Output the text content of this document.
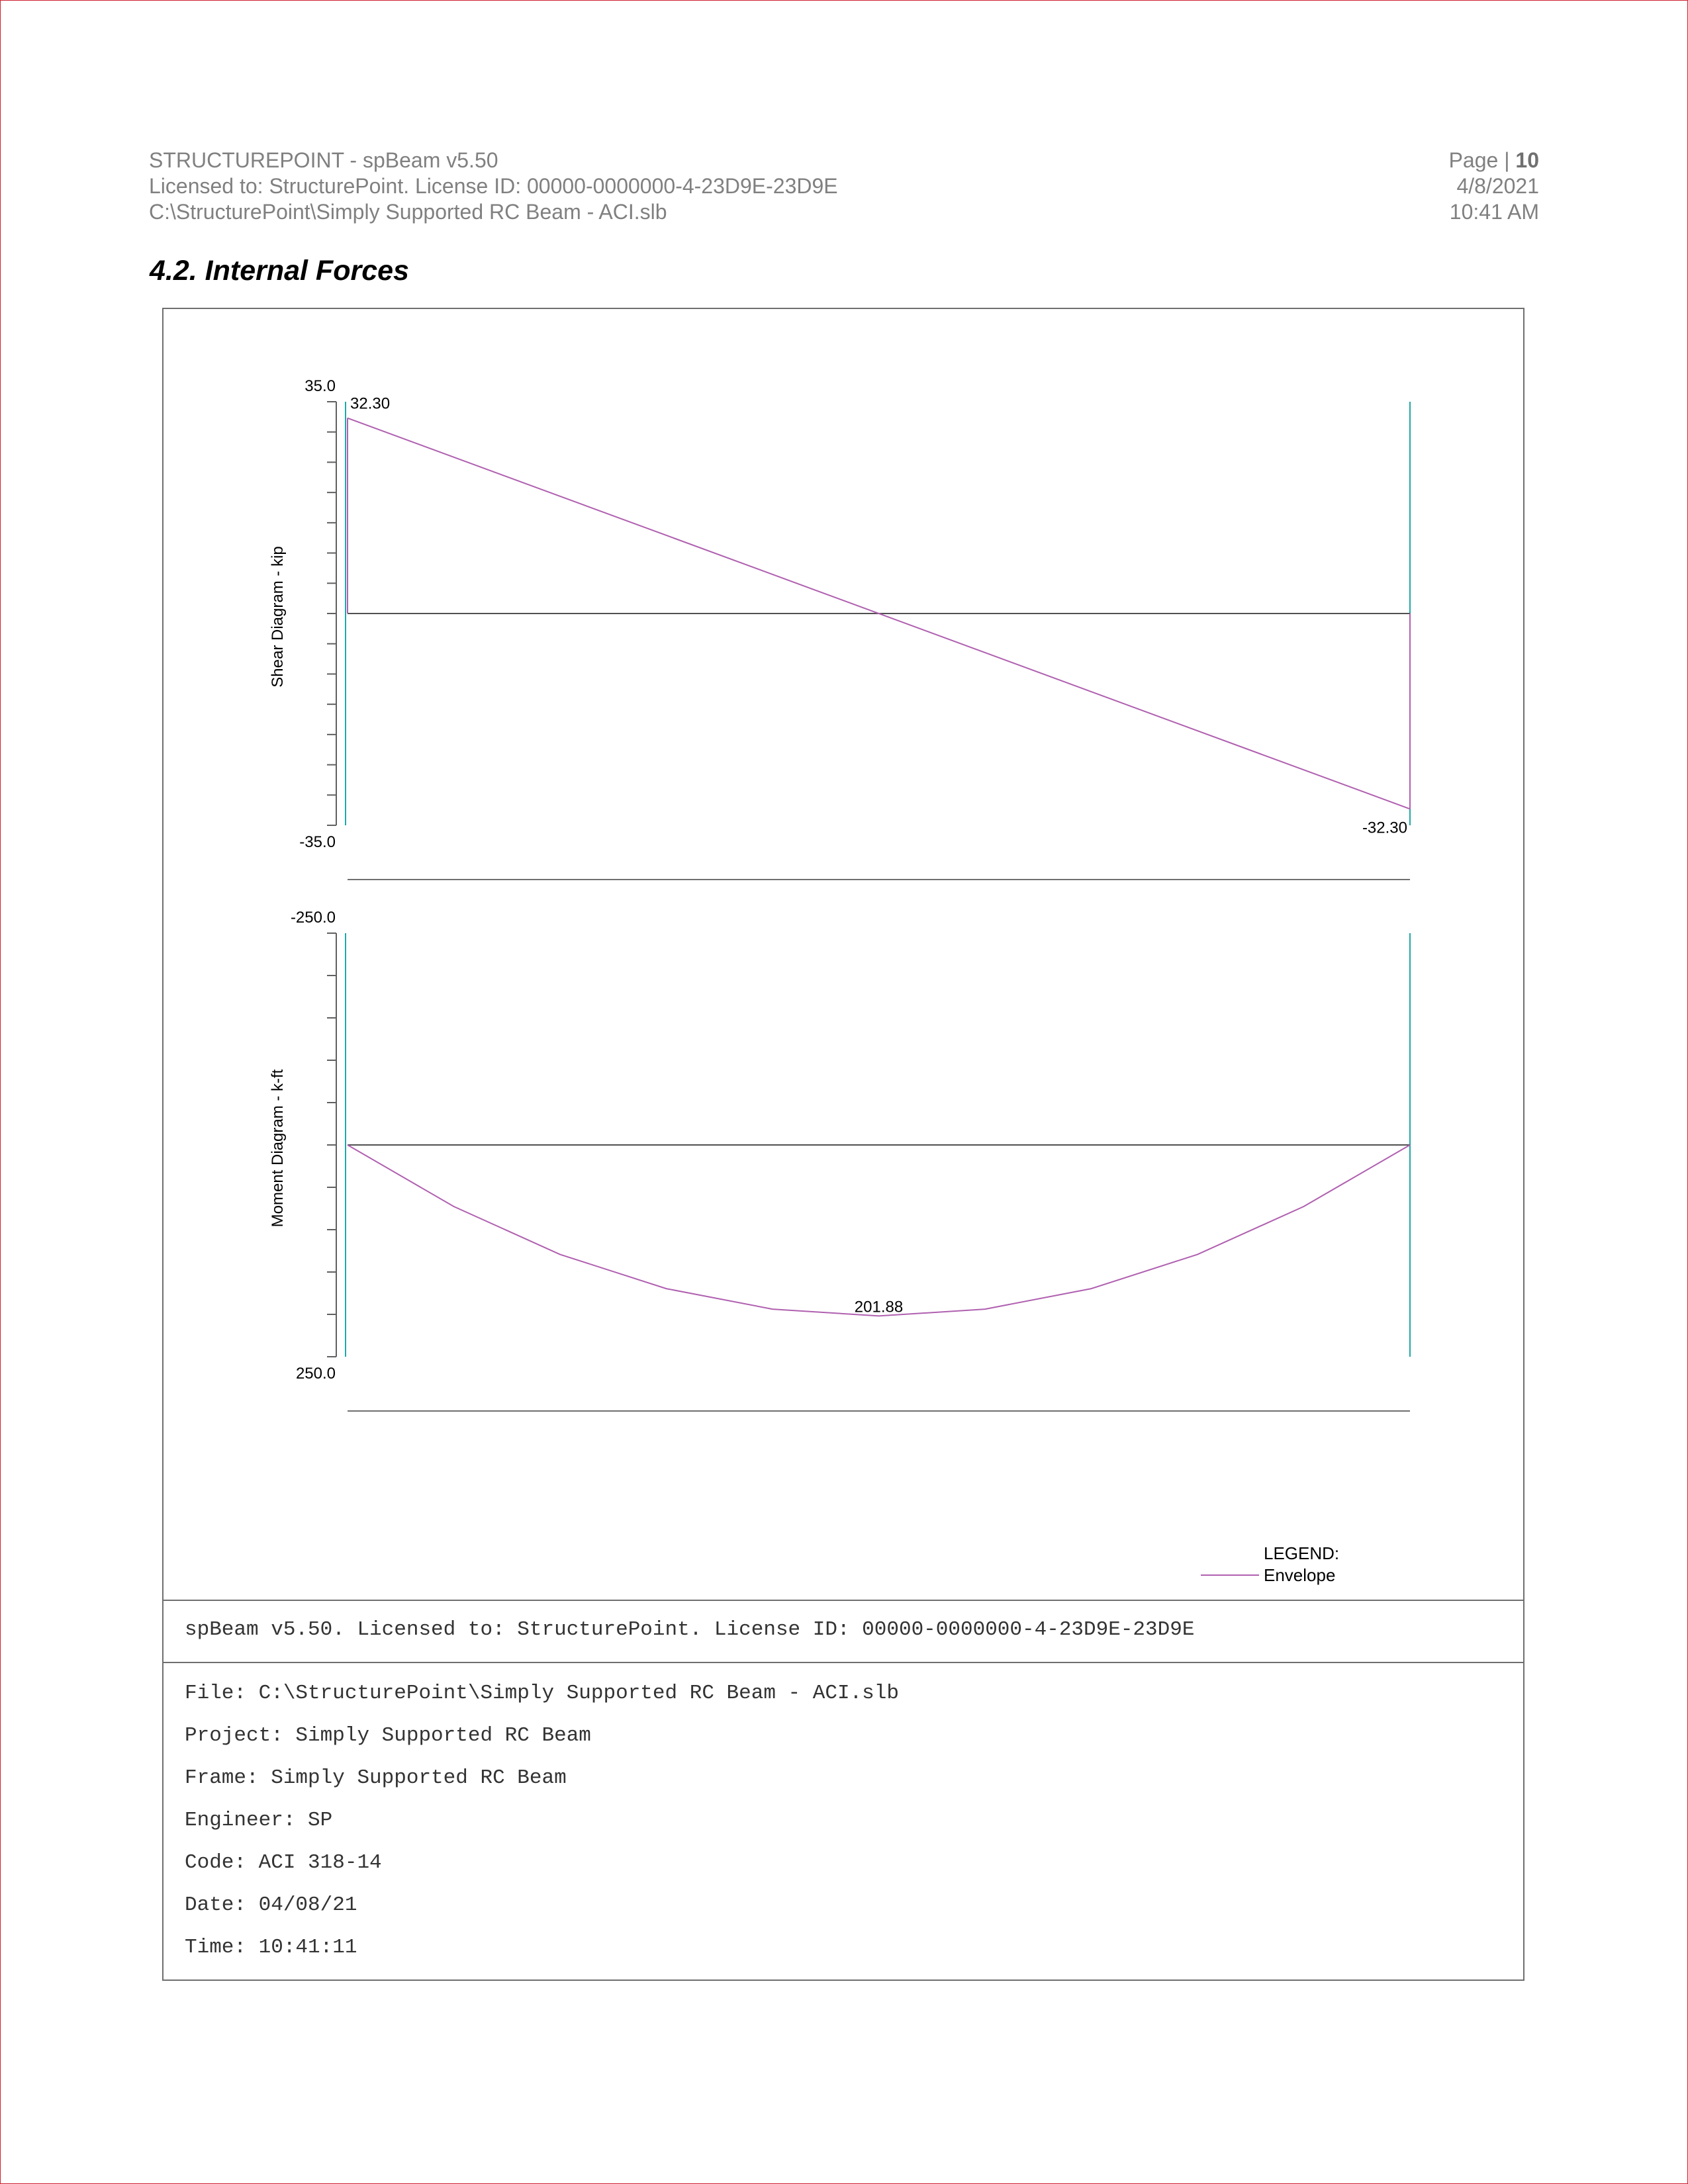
STRUCTUREPOINT - spBeam v5.50
Licensed to: StructurePoint. License ID: 00000-0000000-4-23D9E-23D9E
C:\StructurePoint\Simply Supported RC Beam - ACI.slb
Page | 10
4/8/2021
10:41 AM
4.2. Internal Forces
Shear Diagram - kip
35.0
-35.0
32.30
-32.30
Moment Diagram - k-ft
-250.0
250.0
201.88
LEGEND:
Envelope
spBeam v5.50. Licensed to: StructurePoint. License ID: 00000-0000000-4-23D9E-23D9E
File: C:\StructurePoint\Simply Supported RC Beam - ACI.slb
Project: Simply Supported RC Beam
Frame: Simply Supported RC Beam
Engineer: SP
Code: ACI 318-14
Date: 04/08/21
Time: 10:41:11
